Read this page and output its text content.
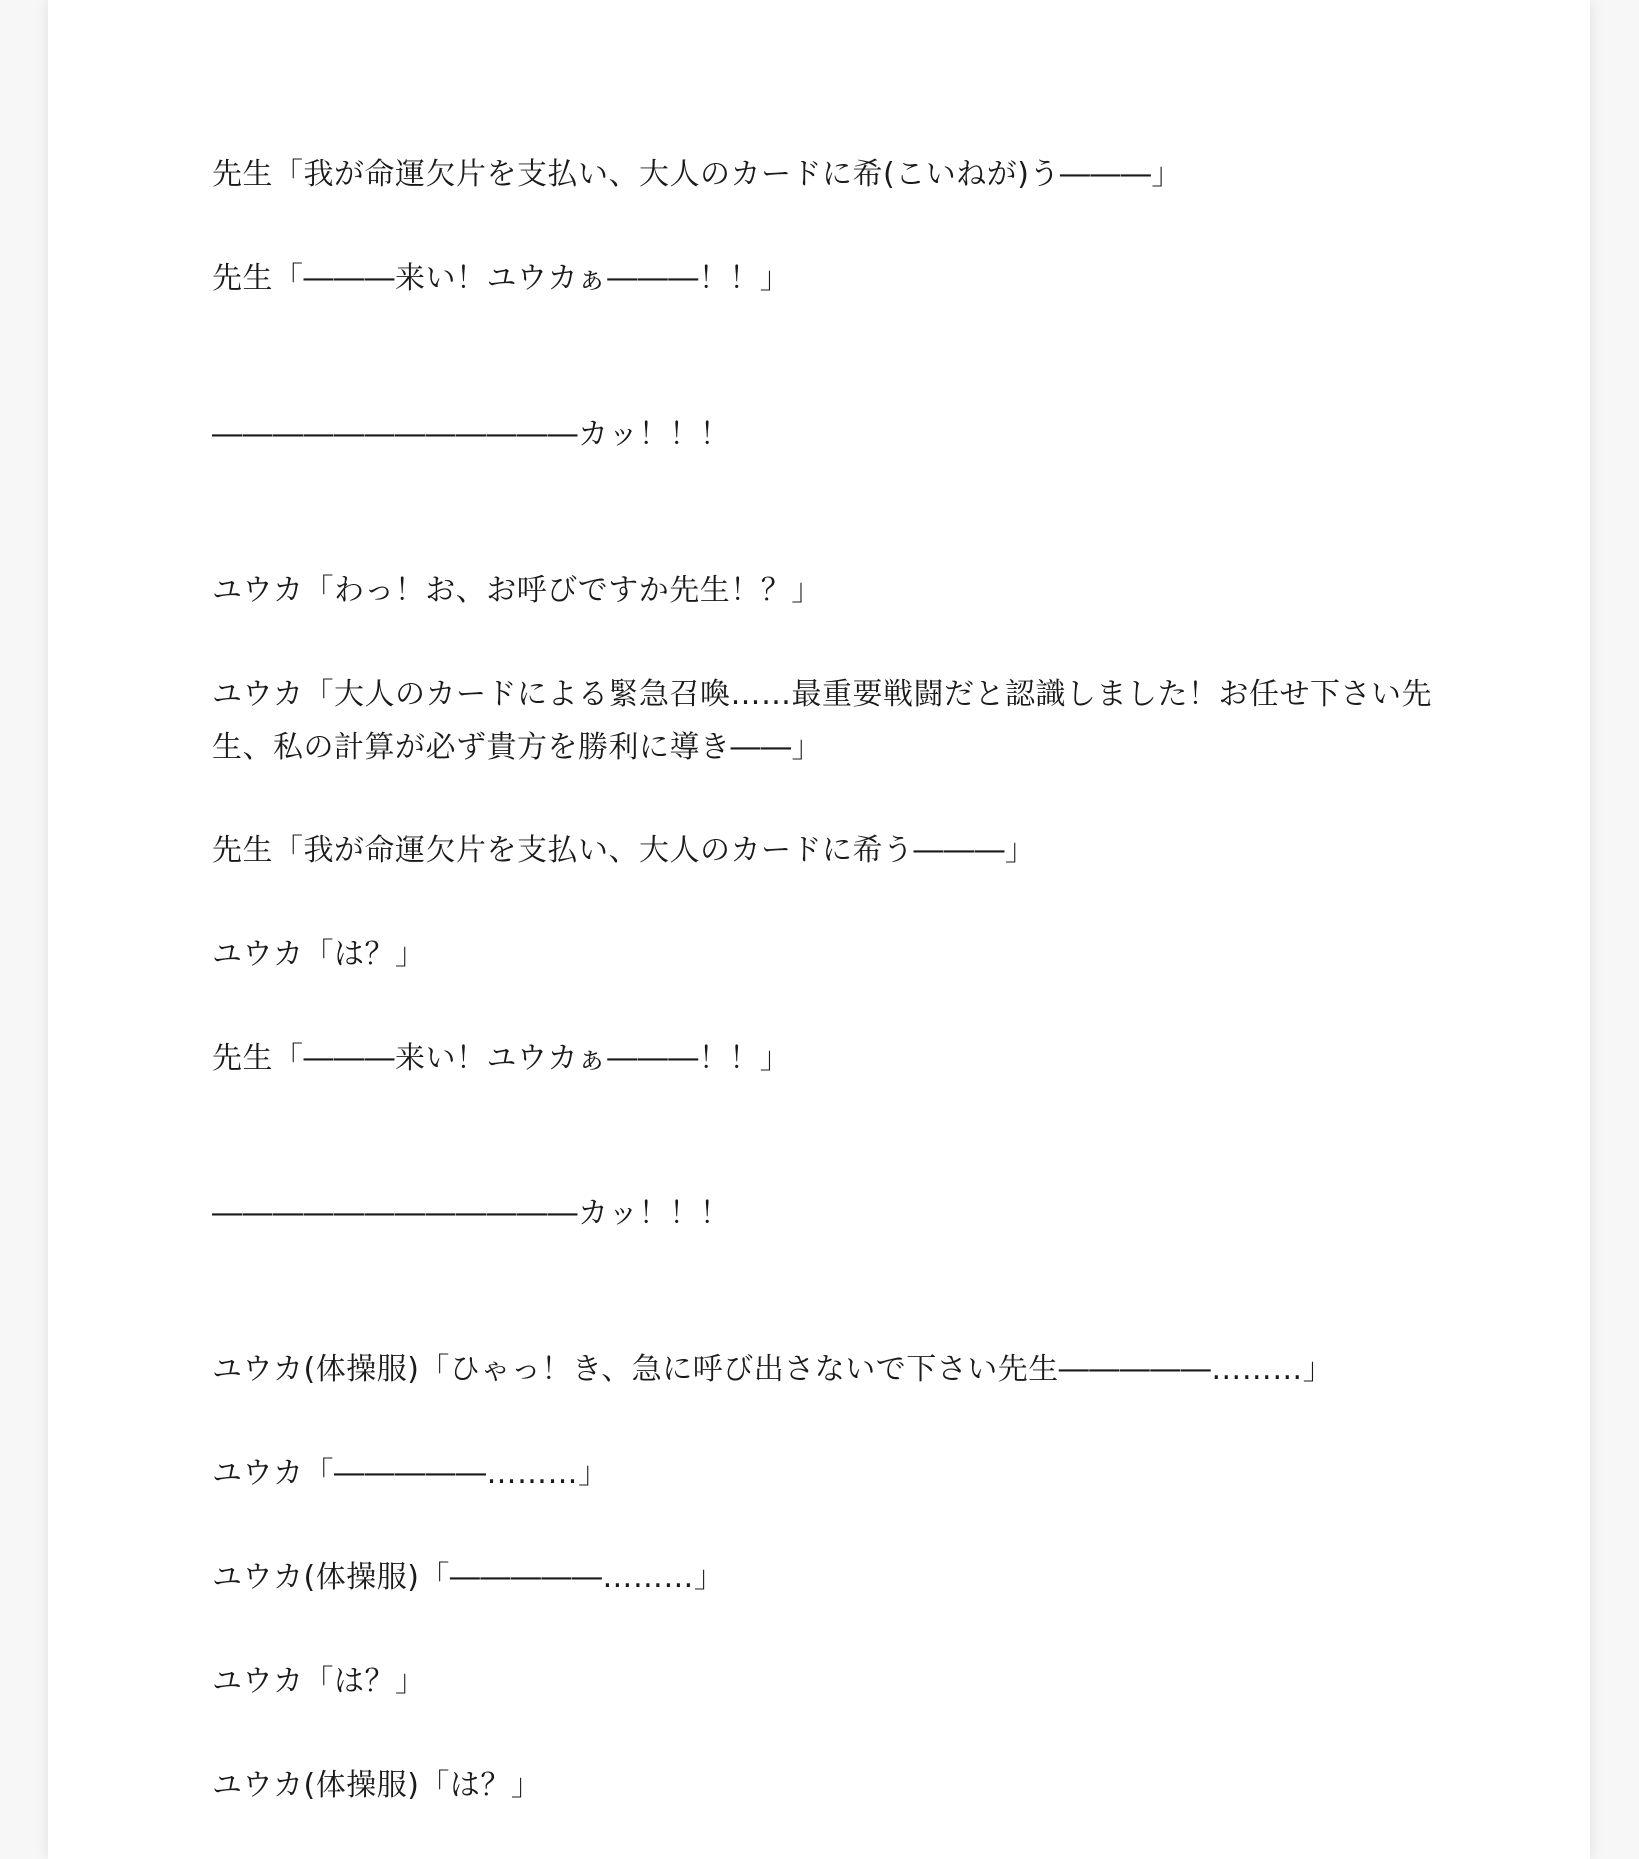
先生「我が命運欠片を支払い、大人のカードに希(こいねが)う―――」

先生「―――来い！ユウカぁ―――！！」

――――――――――――カッ！！！

ユウカ「わっ！お、お呼びですか先生！？」

ユウカ「大人のカードによる緊急召喚……最重要戦闘だと認識しました！お任せ下さい先

生、私の計算が必ず貴方を勝利に導き――」

先生「我が命運欠片を支払い、大人のカードに希う―――」

ユウカ「は？」

先生「―――来い！ユウカぁ―――！！」

――――――――――――カッ！！！

ユウカ(体操服)「ひゃっ！き、急に呼び出さないで下さい先生―――――………」

ユウカ「―――――………」

ユウカ(体操服)「―――――………」

ユウカ「は？」

ユウカ(体操服)「は？」
